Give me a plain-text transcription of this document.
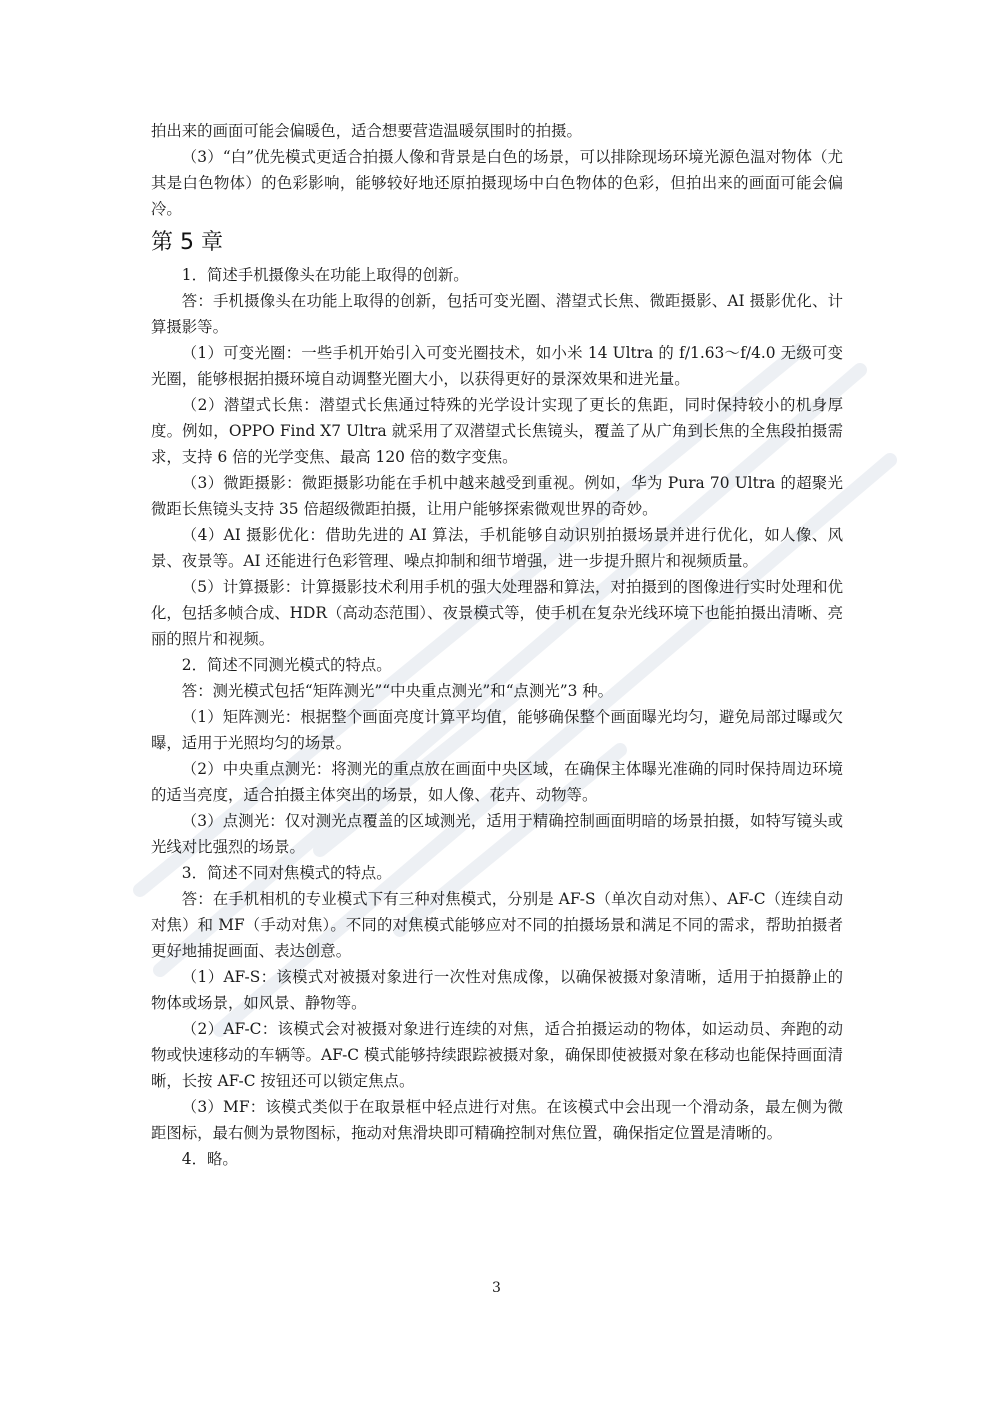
拍出来的画面可能会偏暖色，适合想要营造温暖氛围时的拍摄。

（3）“白”优先模式更适合拍摄人像和背景是白色的场景，可以排除现场环境光源色温对物体（尤其是白色物体）的色彩影响，能够较好地还原拍摄现场中白色物体的色彩，但拍出来的画面可能会偏冷。

第 5 章

1．简述手机摄像头在功能上取得的创新。

答：手机摄像头在功能上取得的创新，包括可变光圈、潜望式长焦、微距摄影、AI 摄影优化、计算摄影等。

（1）可变光圈：一些手机开始引入可变光圈技术，如小米 14 Ultra 的 f/1.63～f/4.0 无级可变光圈，能够根据拍摄环境自动调整光圈大小，以获得更好的景深效果和进光量。

（2）潜望式长焦：潜望式长焦通过特殊的光学设计实现了更长的焦距，同时保持较小的机身厚度。例如，OPPO Find X7 Ultra 就采用了双潜望式长焦镜头，覆盖了从广角到长焦的全焦段拍摄需求，支持 6 倍的光学变焦、最高 120 倍的数字变焦。

（3）微距摄影：微距摄影功能在手机中越来越受到重视。例如，华为 Pura 70 Ultra 的超聚光微距长焦镜头支持 35 倍超级微距拍摄，让用户能够探索微观世界的奇妙。

（4）AI 摄影优化：借助先进的 AI 算法，手机能够自动识别拍摄场景并进行优化，如人像、风景、夜景等。AI 还能进行色彩管理、噪点抑制和细节增强，进一步提升照片和视频质量。

（5）计算摄影：计算摄影技术利用手机的强大处理器和算法，对拍摄到的图像进行实时处理和优化，包括多帧合成、HDR（高动态范围）、夜景模式等，使手机在复杂光线环境下也能拍摄出清晰、亮丽的照片和视频。

2．简述不同测光模式的特点。

答：测光模式包括“矩阵测光”“中央重点测光”和“点测光”3 种。

（1）矩阵测光：根据整个画面亮度计算平均值，能够确保整个画面曝光均匀，避免局部过曝或欠曝，适用于光照均匀的场景。

（2）中央重点测光：将测光的重点放在画面中央区域，在确保主体曝光准确的同时保持周边环境的适当亮度，适合拍摄主体突出的场景，如人像、花卉、动物等。

（3）点测光：仅对测光点覆盖的区域测光，适用于精确控制画面明暗的场景拍摄，如特写镜头或光线对比强烈的场景。

3．简述不同对焦模式的特点。

答：在手机相机的专业模式下有三种对焦模式，分别是 AF-S（单次自动对焦）、AF-C（连续自动对焦）和 MF（手动对焦）。不同的对焦模式能够应对不同的拍摄场景和满足不同的需求，帮助拍摄者更好地捕捉画面、表达创意。

（1）AF-S：该模式对被摄对象进行一次性对焦成像，以确保被摄对象清晰，适用于拍摄静止的物体或场景，如风景、静物等。

（2）AF-C：该模式会对被摄对象进行连续的对焦，适合拍摄运动的物体，如运动员、奔跑的动物或快速移动的车辆等。AF-C 模式能够持续跟踪被摄对象，确保即使被摄对象在移动也能保持画面清晰，长按 AF-C 按钮还可以锁定焦点。

（3）MF：该模式类似于在取景框中轻点进行对焦。在该模式中会出现一个滑动条，最左侧为微距图标，最右侧为景物图标，拖动对焦滑块即可精确控制对焦位置，确保指定位置是清晰的。

4．略。

3
